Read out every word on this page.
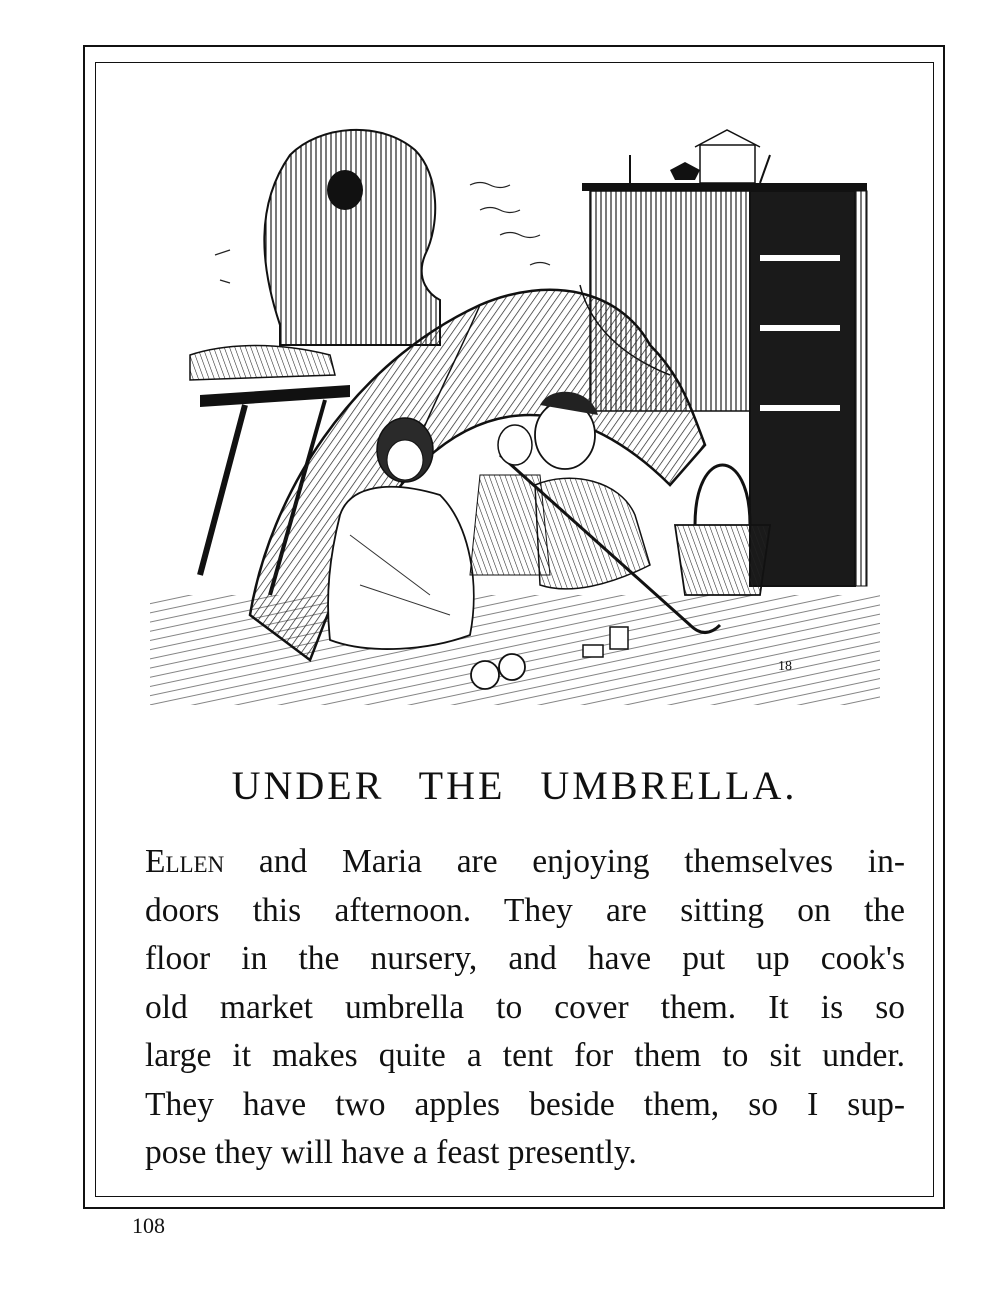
18
UNDER THE UMBRELLA.

Ellen and Maria are enjoying themselves in-
doors this afternoon. They are sitting on the
floor in the nursery, and have put up cook's
old market umbrella to cover them. It is so
large it makes quite a tent for them to sit under.
They have two apples beside them, so I sup-
pose they will have a feast presently.

108
